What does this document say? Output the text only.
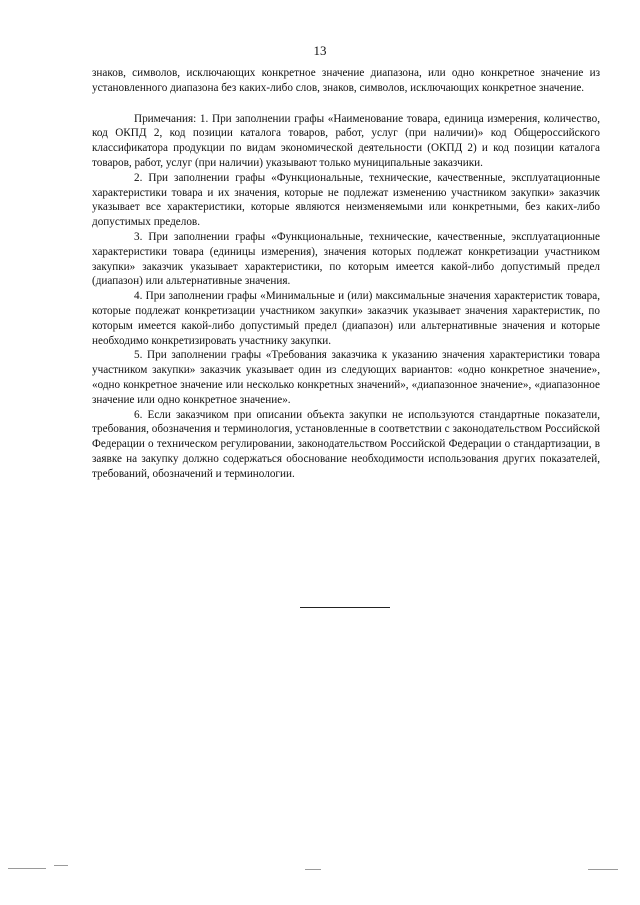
13

знаков, символов, исключающих конкретное значение диапазона, или одно конкретное значение из установленного диапазона без каких-либо слов, знаков, символов, исключающих конкретное значение.

Примечания: 1. При заполнении графы «Наименование товара, единица измерения, количество, код ОКПД 2, код позиции каталога товаров, работ, услуг (при наличии)» код Общероссийского классификатора продукции по видам экономической деятельности (ОКПД 2) и код позиции каталога товаров, работ, услуг (при наличии) указывают только муниципальные заказчики.

2. При заполнении графы «Функциональные, технические, качественные, эксплуатационные характеристики товара и их значения, которые не подлежат изменению участником закупки» заказчик указывает все характеристики, которые являются неизменяемыми или конкретными, без каких-либо допустимых пределов.

3. При заполнении графы «Функциональные, технические, качественные, эксплуатационные характеристики товара (единицы измерения), значения которых подлежат конкретизации участником закупки» заказчик указывает характеристики, по которым имеется какой-либо допустимый предел (диапазон) или альтернативные значения.

4. При заполнении графы «Минимальные и (или) максимальные значения характеристик товара, которые подлежат конкретизации участником закупки» заказчик указывает значения характеристик, по которым имеется какой-либо допустимый предел (диапазон) или альтернативные значения и которые необходимо конкретизировать участнику закупки.

5. При заполнении графы «Требования заказчика к указанию значения характеристики товара участником закупки» заказчик указывает один из следующих вариантов: «одно конкретное значение», «одно конкретное значение или несколько конкретных значений», «диапазонное значение», «диапазонное значение или одно конкретное значение».

6. Если заказчиком при описании объекта закупки не используются стандартные показатели, требования, обозначения и терминология, установленные в соответствии с законодательством Российской Федерации о техническом регулировании, законодательством Российской Федерации о стандартизации, в заявке на закупку должно содержаться обоснование необходимости использования других показателей, требований, обозначений и терминологии.
